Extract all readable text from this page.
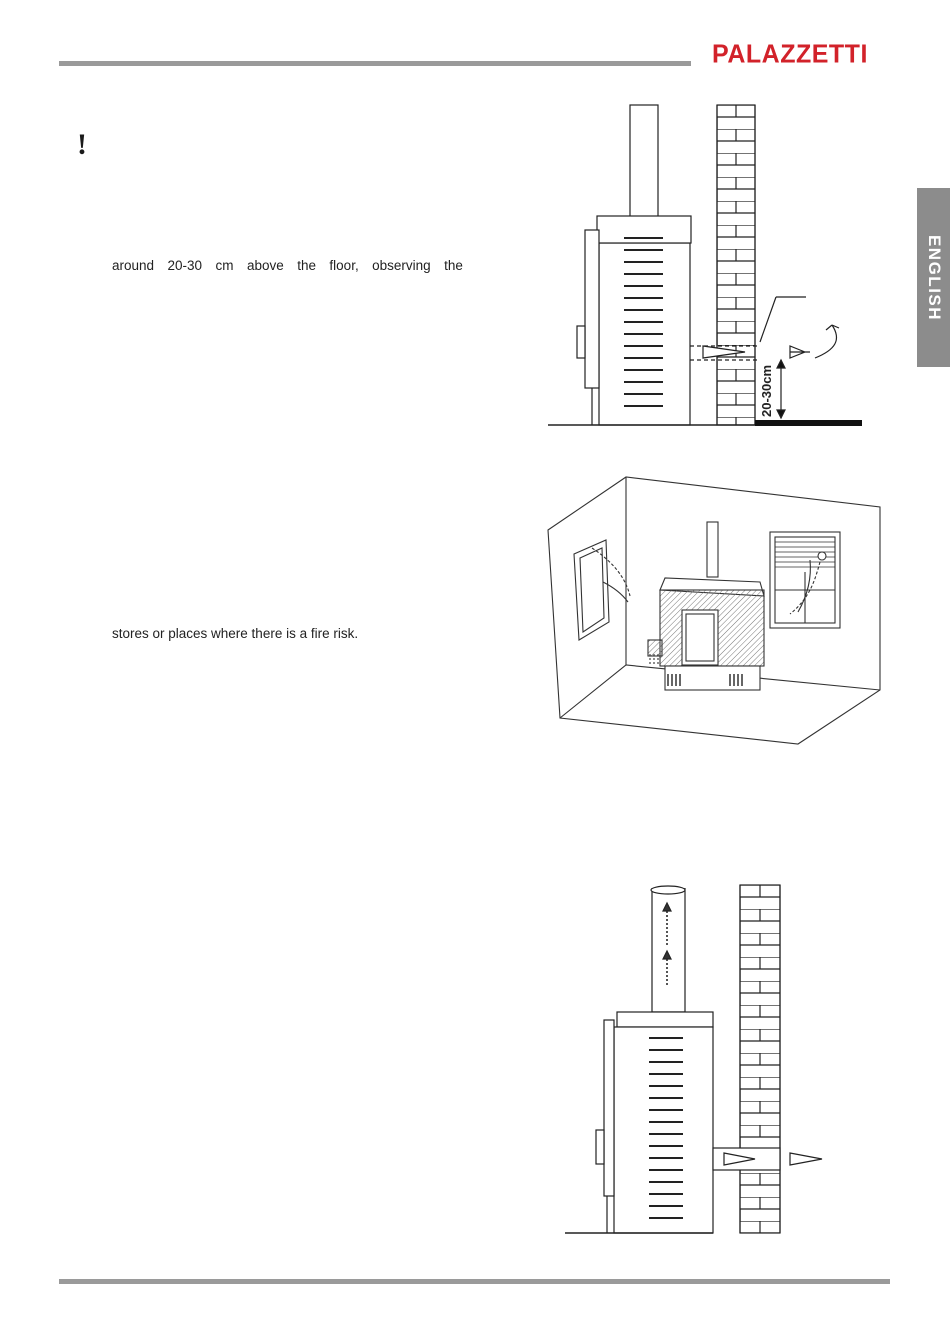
PALAZZETTI
ENGLISH
!
around 20-30 cm above the floor, observing the
stores or places where there is a fire risk.
20-30cm
